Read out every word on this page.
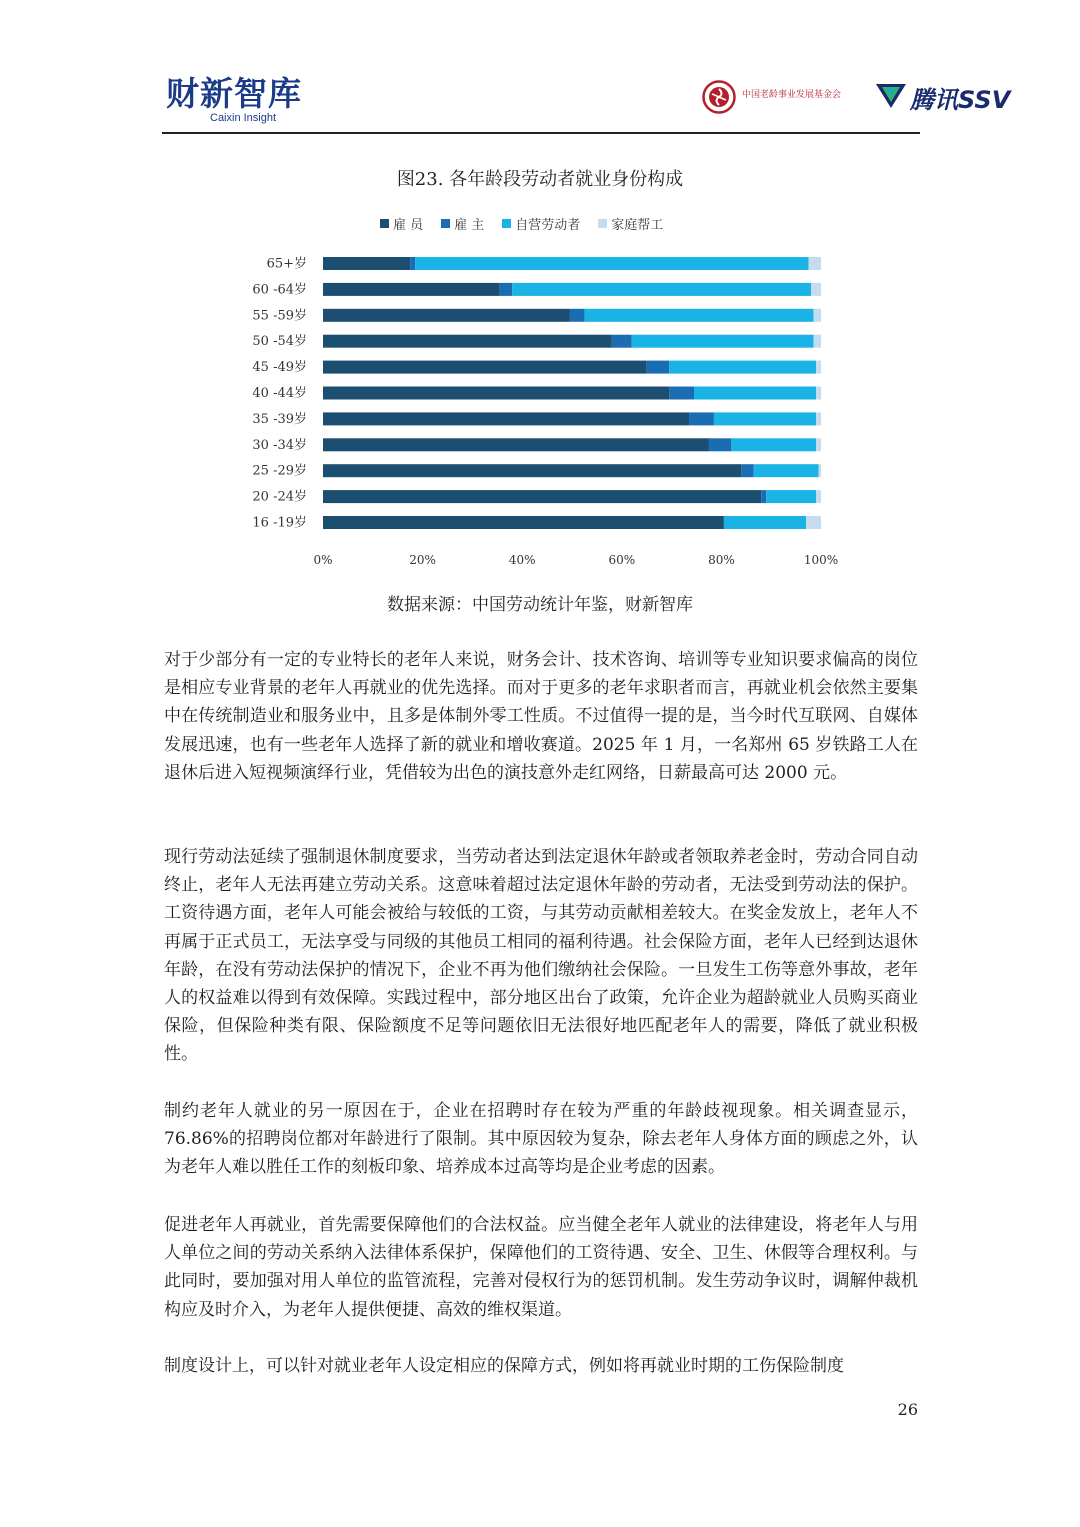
财新智库
Caixin Insight
中国老龄事业发展基金会	腾讯SSV
图23. 各年龄段劳动者就业身份构成
雇 员 雇 主 自营劳动者 家庭帮工
65+岁
60 -64岁
55 -59岁
50 -54岁
45 -49岁
40 -44岁
35 -39岁
30 -34岁
25 -29岁
20 -24岁
16 -19岁
0%	20%	40%	60%	80%	100%
数据来源：中国劳动统计年鉴，财新智库

对于少部分有一定的专业特长的老年人来说，财务会计、技术咨询、培训等专业知识要求偏高的岗位是相应专业背景的老年人再就业的优先选择。而对于更多的老年求职者而言，再就业机会依然主要集中在传统制造业和服务业中，且多是体制外零工性质。不过值得一提的是，当今时代互联网、自媒体发展迅速，也有一些老年人选择了新的就业和增收赛道。2025 年 1 月，一名郑州 65 岁铁路工人在退休后进入短视频演绎行业，凭借较为出色的演技意外走红网络，日薪最高可达 2000 元。

现行劳动法延续了强制退休制度要求，当劳动者达到法定退休年龄或者领取养老金时，劳动合同自动终止，老年人无法再建立劳动关系。这意味着超过法定退休年龄的劳动者，无法受到劳动法的保护。工资待遇方面，老年人可能会被给与较低的工资，与其劳动贡献相差较大。在奖金发放上，老年人不再属于正式员工，无法享受与同级的其他员工相同的福利待遇。社会保险方面，老年人已经到达退休年龄，在没有劳动法保护的情况下，企业不再为他们缴纳社会保险。一旦发生工伤等意外事故，老年人的权益难以得到有效保障。实践过程中，部分地区出台了政策，允许企业为超龄就业人员购买商业保险，但保险种类有限、保险额度不足等问题依旧无法很好地匹配老年人的需要，降低了就业积极性。

制约老年人就业的另一原因在于，企业在招聘时存在较为严重的年龄歧视现象。相关调查显示，76.86%的招聘岗位都对年龄进行了限制。其中原因较为复杂，除去老年人身体方面的顾虑之外，认为老年人难以胜任工作的刻板印象、培养成本过高等均是企业考虑的因素。

促进老年人再就业，首先需要保障他们的合法权益。应当健全老年人就业的法律建设，将老年人与用人单位之间的劳动关系纳入法律体系保护，保障他们的工资待遇、安全、卫生、休假等合理权利。与此同时，要加强对用人单位的监管流程，完善对侵权行为的惩罚机制。发生劳动争议时，调解仲裁机构应及时介入，为老年人提供便捷、高效的维权渠道。

制度设计上，可以针对就业老年人设定相应的保障方式，例如将再就业时期的工伤保险制度

26
